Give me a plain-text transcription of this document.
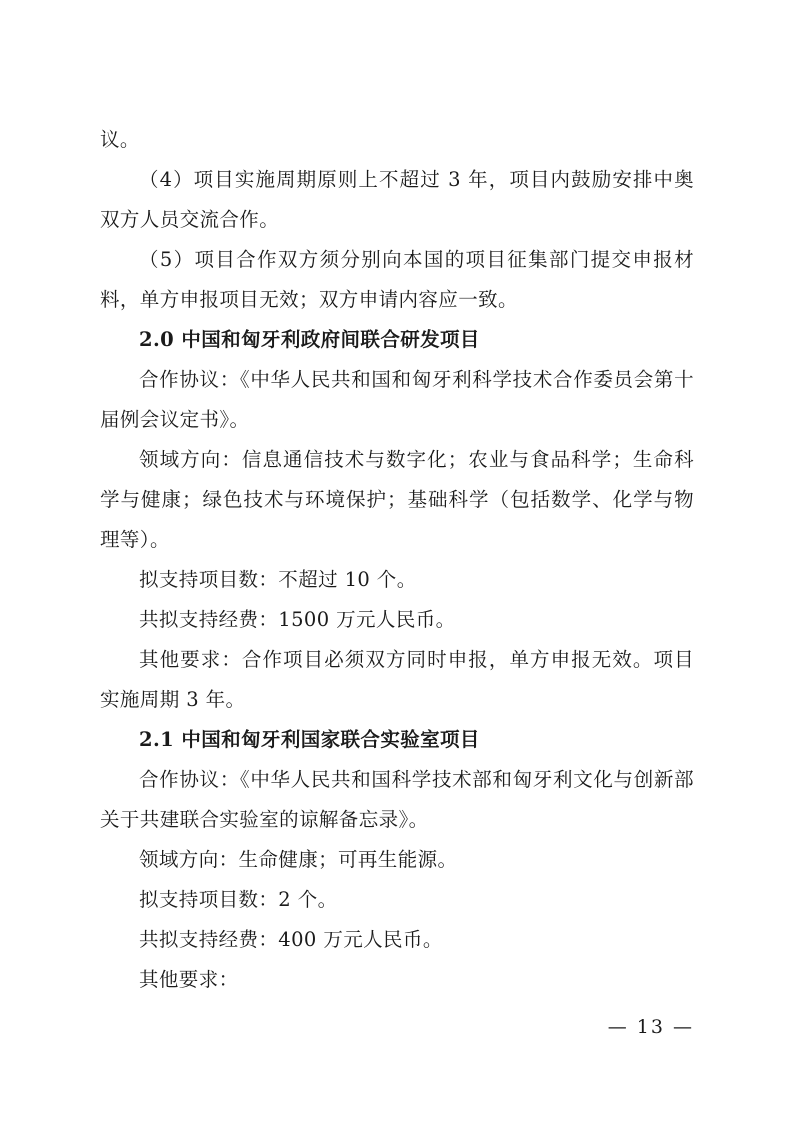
议。

（4）项目实施周期原则上不超过 3 年，项目内鼓励安排中奥双方人员交流合作。

（5）项目合作双方须分别向本国的项目征集部门提交申报材料，单方申报项目无效；双方申请内容应一致。

2.0 中国和匈牙利政府间联合研发项目

合作协议：《中华人民共和国和匈牙利科学技术合作委员会第十届例会议定书》。

领域方向：信息通信技术与数字化；农业与食品科学；生命科学与健康；绿色技术与环境保护；基础科学（包括数学、化学与物理等）。

拟支持项目数：不超过 10 个。

共拟支持经费：1500 万元人民币。

其他要求：合作项目必须双方同时申报，单方申报无效。项目实施周期 3 年。

2.1 中国和匈牙利国家联合实验室项目

合作协议：《中华人民共和国科学技术部和匈牙利文化与创新部关于共建联合实验室的谅解备忘录》。

领域方向：生命健康；可再生能源。

拟支持项目数：2 个。

共拟支持经费：400 万元人民币。

其他要求：

— 13 —
